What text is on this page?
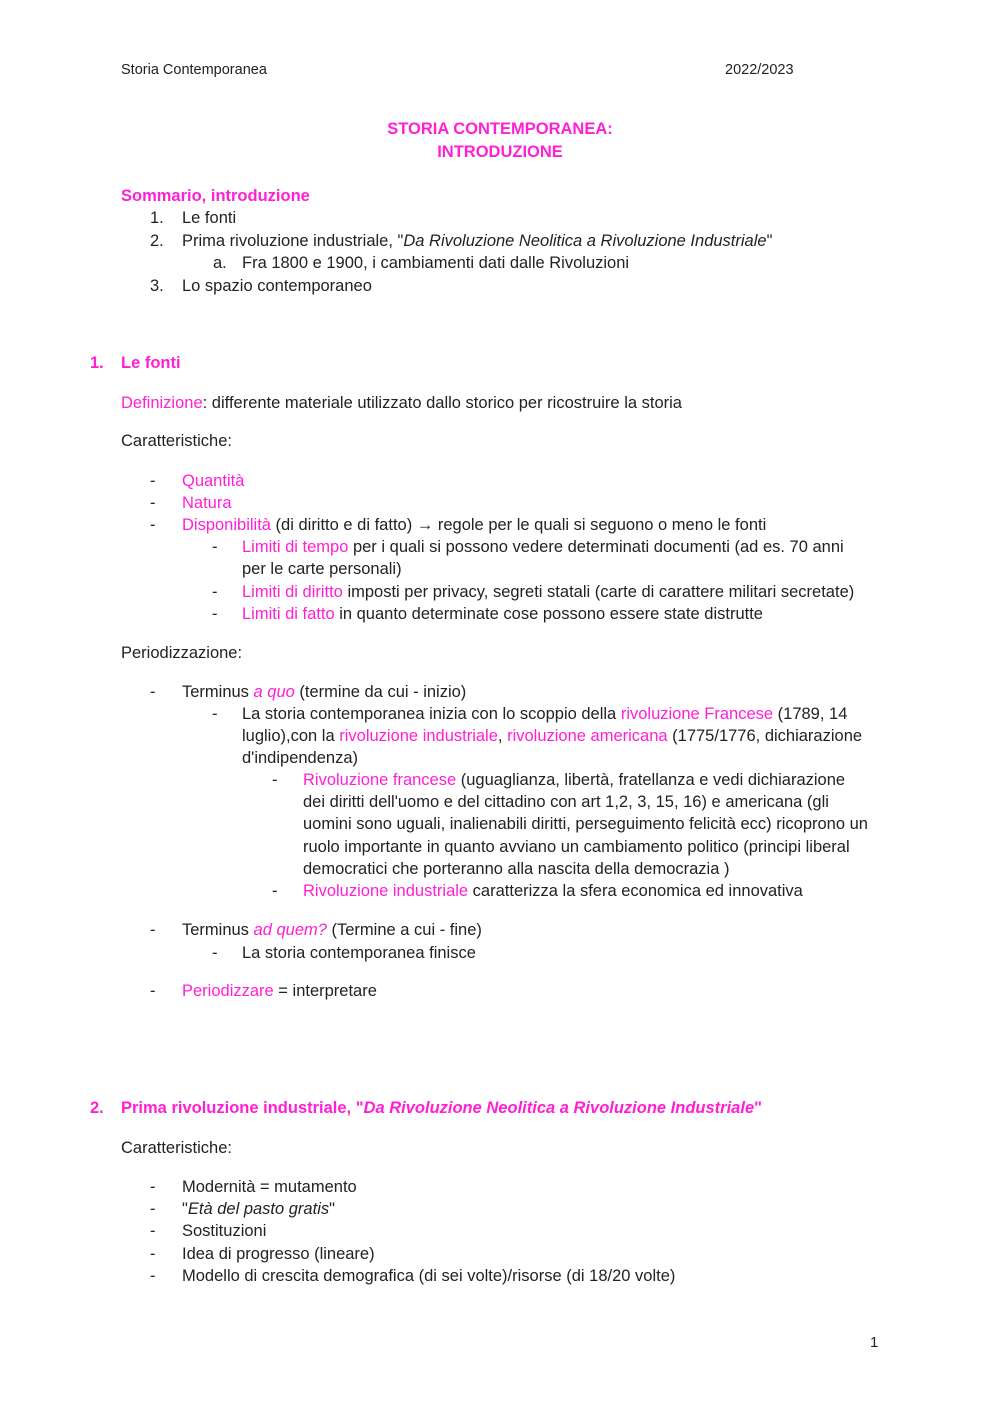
Storia Contemporanea	2022/2023
STORIA CONTEMPORANEA:
INTRODUZIONE
Sommario, introduzione
1. Le fonti
2. Prima rivoluzione industriale, "Da Rivoluzione Neolitica a Rivoluzione Industriale"
a. Fra 1800 e 1900, i cambiamenti dati dalle Rivoluzioni
3. Lo spazio contemporaneo
1. Le fonti
Definizione: differente materiale utilizzato dallo storico per ricostruire la storia
Caratteristiche:
- Quantità
- Natura
- Disponibilità (di diritto e di fatto) → regole per le quali si seguono o meno le fonti
- Limiti di tempo per i quali si possono vedere determinati documenti (ad es. 70 anni
per le carte personali)
- Limiti di diritto imposti per privacy, segreti statali (carte di carattere militari secretate)
- Limiti di fatto in quanto determinate cose possono essere state distrutte
Periodizzazione:
- Terminus a quo (termine da cui - inizio)
- La storia contemporanea inizia con lo scoppio della rivoluzione Francese (1789, 14
luglio),con la rivoluzione industriale, rivoluzione americana (1775/1776, dichiarazione
d'indipendenza)
- Rivoluzione francese (uguaglianza, libertà, fratellanza e vedi dichiarazione
dei diritti dell'uomo e del cittadino con art 1,2, 3, 15, 16) e americana (gli
uomini sono uguali, inalienabili diritti, perseguimento felicità ecc) ricoprono un
ruolo importante in quanto avviano un cambiamento politico (principi liberal
democratici che porteranno alla nascita della democrazia )
- Rivoluzione industriale caratterizza la sfera economica ed innovativa
- Terminus ad quem? (Termine a cui - fine)
- La storia contemporanea finisce
- Periodizzare = interpretare
2. Prima rivoluzione industriale, "Da Rivoluzione Neolitica a Rivoluzione Industriale"
Caratteristiche:
- Modernità = mutamento
- "Età del pasto gratis"
- Sostituzioni
- Idea di progresso (lineare)
- Modello di crescita demografica (di sei volte)/risorse (di 18/20 volte)
1
